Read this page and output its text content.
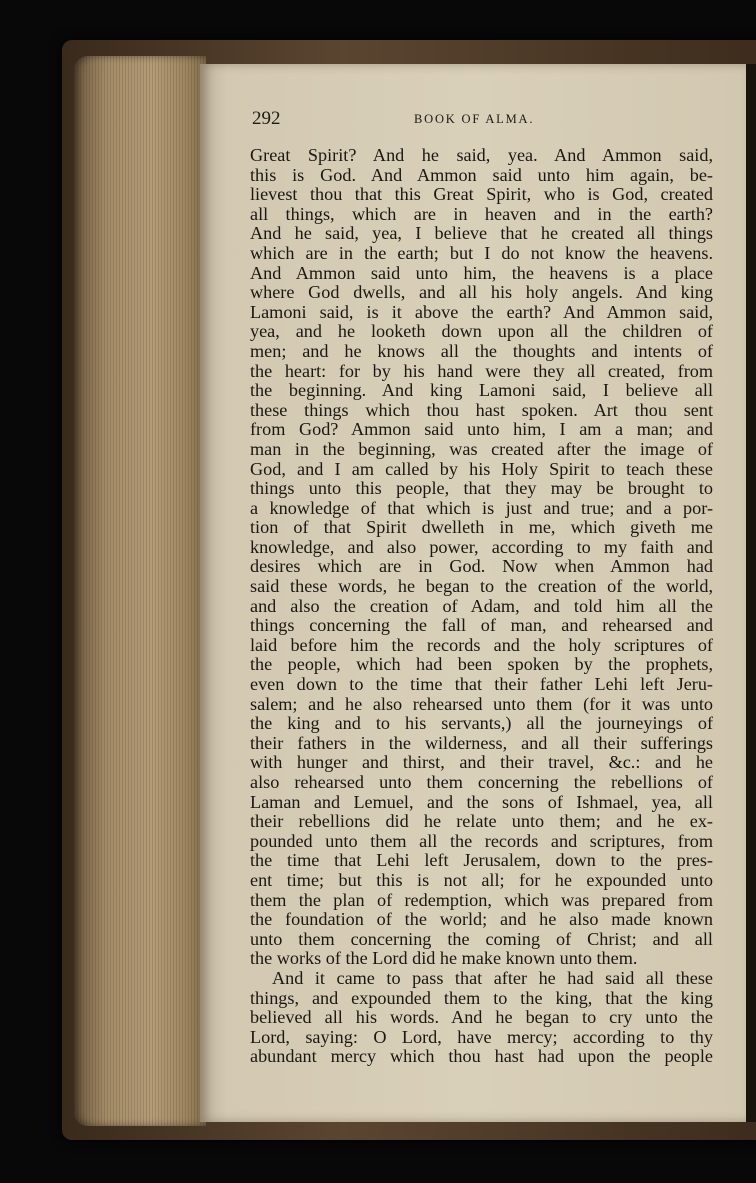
292	BOOK OF ALMA.
Great Spirit? And he said, yea. And Ammon said,
this is God. And Ammon said unto him again, be-
lievest thou that this Great Spirit, who is God, created
all things, which are in heaven and in the earth?
And he said, yea, I believe that he created all things
which are in the earth; but I do not know the heavens.
And Ammon said unto him, the heavens is a place
where God dwells, and all his holy angels. And king
Lamoni said, is it above the earth? And Ammon said,
yea, and he looketh down upon all the children of
men; and he knows all the thoughts and intents of
the heart: for by his hand were they all created, from
the beginning. And king Lamoni said, I believe all
these things which thou hast spoken. Art thou sent
from God? Ammon said unto him, I am a man; and
man in the beginning, was created after the image of
God, and I am called by his Holy Spirit to teach these
things unto this people, that they may be brought to
a knowledge of that which is just and true; and a por-
tion of that Spirit dwelleth in me, which giveth me
knowledge, and also power, according to my faith and
desires which are in God. Now when Ammon had
said these words, he began to the creation of the world,
and also the creation of Adam, and told him all the
things concerning the fall of man, and rehearsed and
laid before him the records and the holy scriptures of
the people, which had been spoken by the prophets,
even down to the time that their father Lehi left Jeru-
salem; and he also rehearsed unto them (for it was unto
the king and to his servants,) all the journeyings of
their fathers in the wilderness, and all their sufferings
with hunger and thirst, and their travel, &c.: and he
also rehearsed unto them concerning the rebellions of
Laman and Lemuel, and the sons of Ishmael, yea, all
their rebellions did he relate unto them; and he ex-
pounded unto them all the records and scriptures, from
the time that Lehi left Jerusalem, down to the pres-
ent time; but this is not all; for he expounded unto
them the plan of redemption, which was prepared from
the foundation of the world; and he also made known
unto them concerning the coming of Christ; and all
the works of the Lord did he make known unto them.
And it came to pass that after he had said all these
things, and expounded them to the king, that the king
believed all his words. And he began to cry unto the
Lord, saying: O Lord, have mercy; according to thy
abundant mercy which thou hast had upon the people
